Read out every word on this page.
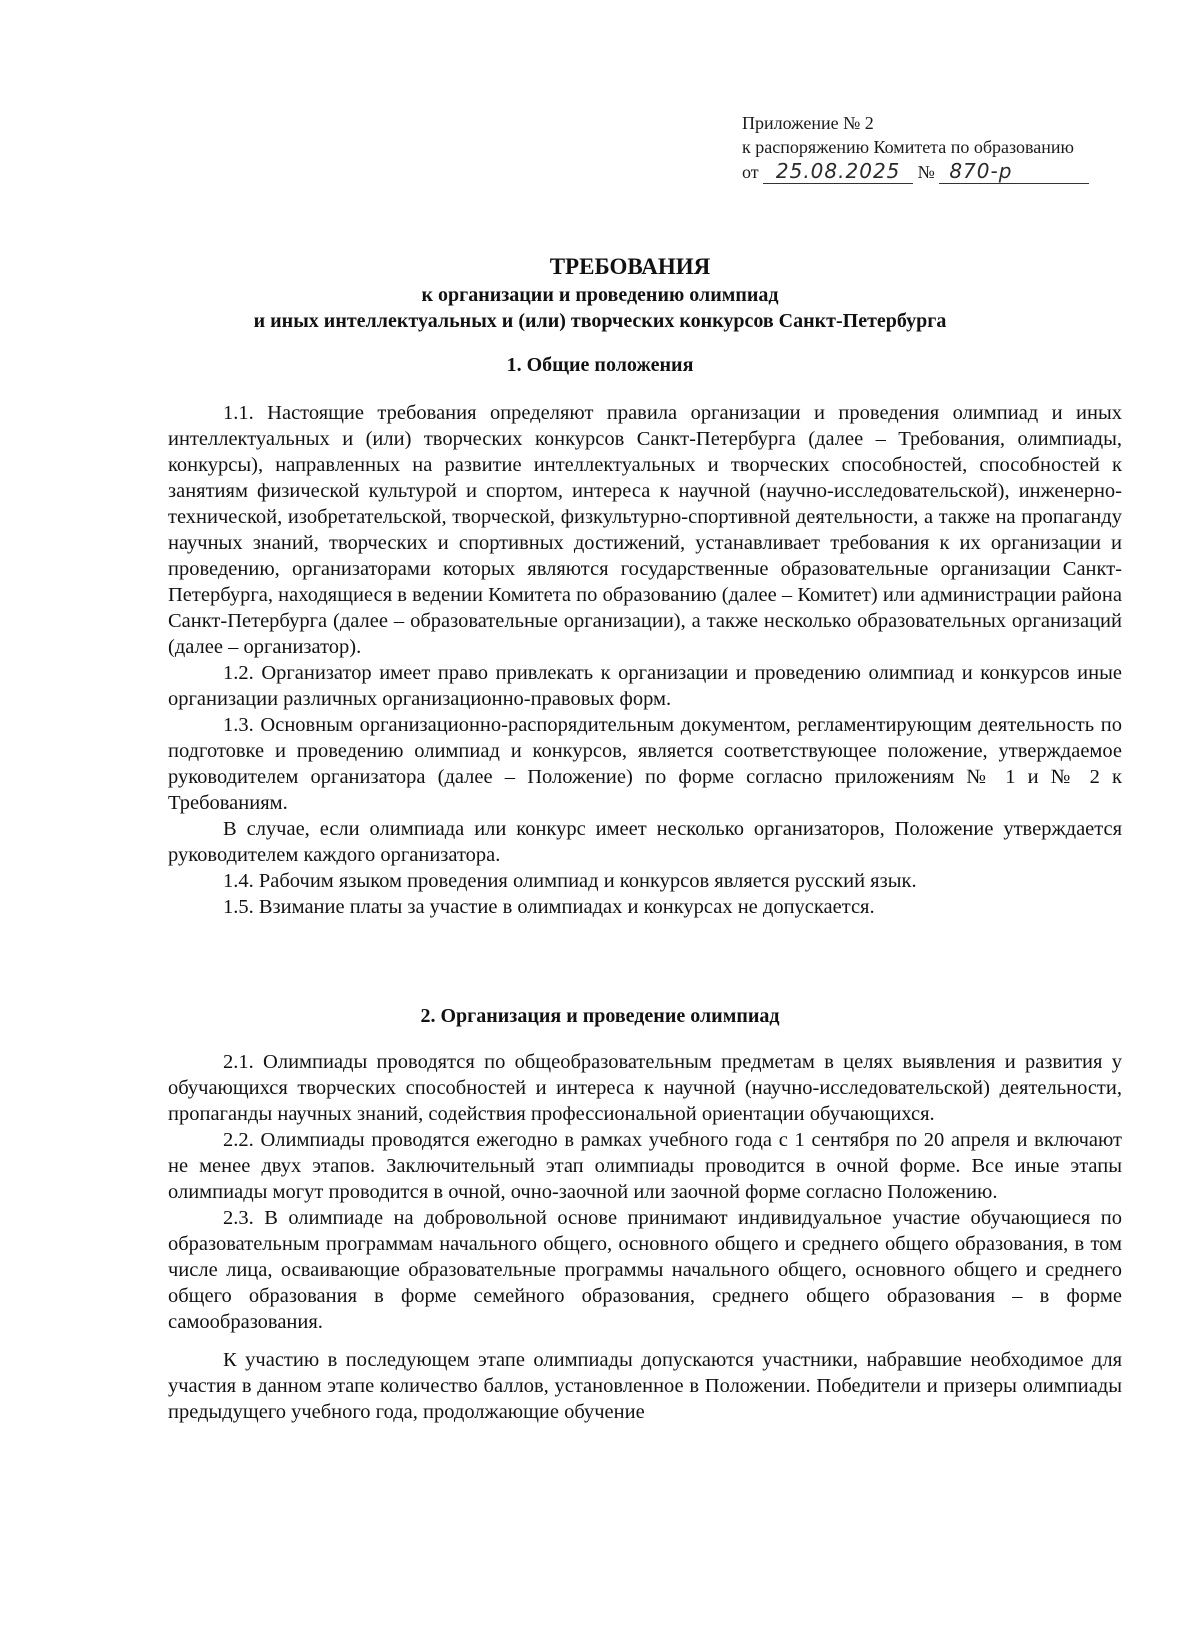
Приложение № 2
к распоряжению Комитета по образованию
от 25.08.2025 № 870-р
ТРЕБОВАНИЯ
к организации и проведению олимпиад
и иных интеллектуальных и (или) творческих конкурсов Санкт-Петербурга
1. Общие положения

1.1. Настоящие требования определяют правила организации и проведения олимпиад и иных интеллектуальных и (или) творческих конкурсов Санкт-Петербурга (далее – Требования, олимпиады, конкурсы), направленных на развитие интеллектуальных и творческих способностей, способностей к занятиям физической культурой и спортом, интереса к научной (научно-исследовательской), инженерно-технической, изобретательской, творческой, физкультурно-спортивной деятельности, а также на пропаганду научных знаний, творческих и спортивных достижений, устанавливает требования к их организации и проведению, организаторами которых являются государственные образовательные организации Санкт-Петербурга, находящиеся в ведении Комитета по образованию (далее – Комитет) или администрации района Санкт-Петербурга (далее – образовательные организации), а также несколько образовательных организаций (далее – организатор).

1.2. Организатор имеет право привлекать к организации и проведению олимпиад и конкурсов иные организации различных организационно-правовых форм.

1.3. Основным организационно-распорядительным документом, регламентирующим деятельность по подготовке и проведению олимпиад и конкурсов, является соответствующее положение, утверждаемое руководителем организатора (далее – Положение) по форме согласно приложениям № 1 и № 2 к Требованиям.

В случае, если олимпиада или конкурс имеет несколько организаторов, Положение утверждается руководителем каждого организатора.

1.4. Рабочим языком проведения олимпиад и конкурсов является русский язык.

1.5. Взимание платы за участие в олимпиадах и конкурсах не допускается.

2. Организация и проведение олимпиад

2.1. Олимпиады проводятся по общеобразовательным предметам в целях выявления и развития у обучающихся творческих способностей и интереса к научной (научно-исследовательской) деятельности, пропаганды научных знаний, содействия профессиональной ориентации обучающихся.

2.2. Олимпиады проводятся ежегодно в рамках учебного года с 1 сентября по 20 апреля и включают не менее двух этапов. Заключительный этап олимпиады проводится в очной форме. Все иные этапы олимпиады могут проводится в очной, очно-заочной или заочной форме согласно Положению.

2.3. В олимпиаде на добровольной основе принимают индивидуальное участие обучающиеся по образовательным программам начального общего, основного общего и среднего общего образования, в том числе лица, осваивающие образовательные программы начального общего, основного общего и среднего общего образования в форме семейного образования, среднего общего образования – в форме самообразования.

К участию в последующем этапе олимпиады допускаются участники, набравшие необходимое для участия в данном этапе количество баллов, установленное в Положении. Победители и призеры олимпиады предыдущего учебного года, продолжающие обучение
